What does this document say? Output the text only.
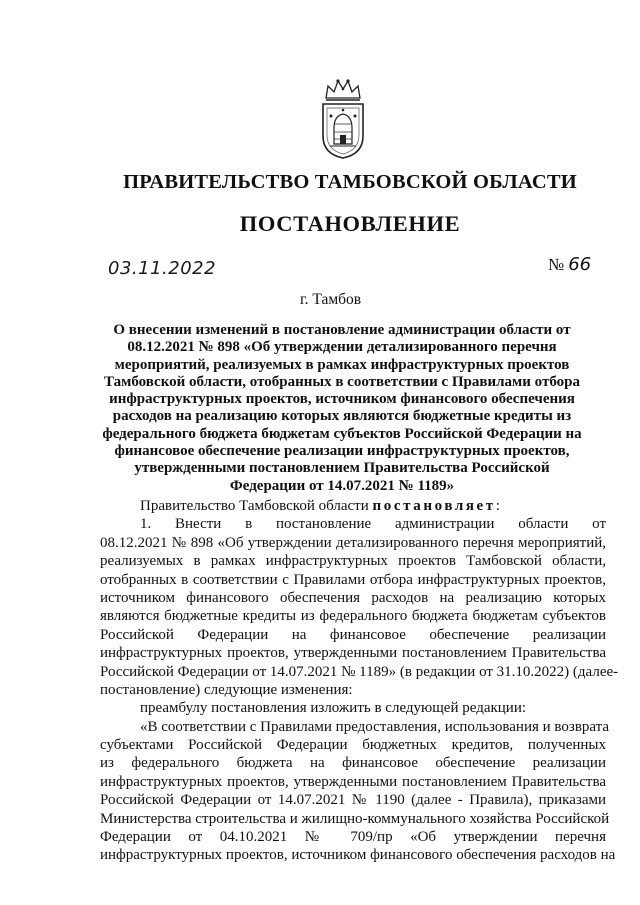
ПРАВИТЕЛЬСТВО ТАМБОВСКОЙ ОБЛАСТИ
ПОСТАНОВЛЕНИЕ
03.11.2022	№ 66
г. Тамбов
О внесении изменений в постановление администрации области от
08.12.2021 № 898 «Об утверждении детализированного перечня
мероприятий, реализуемых в рамках инфраструктурных проектов
Тамбовской области, отобранных в соответствии с Правилами отбора
инфраструктурных проектов, источником финансового обеспечения
расходов на реализацию которых являются бюджетные кредиты из
федерального бюджета бюджетам субъектов Российской Федерации на
финансовое обеспечение реализации инфраструктурных проектов,
утвержденными постановлением Правительства Российской
Федерации от 14.07.2021 № 1189»
Правительство Тамбовской области постановляет:
1. Внести в постановление администрации области от
08.12.2021 № 898 «Об утверждении детализированного перечня мероприятий,
реализуемых в рамках инфраструктурных проектов Тамбовской области,
отобранных в соответствии с Правилами отбора инфраструктурных проектов,
источником финансового обеспечения расходов на реализацию которых
являются бюджетные кредиты из федерального бюджета бюджетам субъектов
Российской Федерации на финансовое обеспечение реализации
инфраструктурных проектов, утвержденными постановлением Правительства
Российской Федерации от 14.07.2021 № 1189» (в редакции от 31.10.2022) (далее-
постановление) следующие изменения:
преамбулу постановления изложить в следующей редакции:
«В соответствии с Правилами предоставления, использования и возврата
субъектами Российской Федерации бюджетных кредитов, полученных
из федерального бюджета на финансовое обеспечение реализации
инфраструктурных проектов, утвержденными постановлением Правительства
Российской Федерации от 14.07.2021 № 1190 (далее - Правила), приказами
Министерства строительства и жилищно-коммунального хозяйства Российской
Федерации от 04.10.2021 № 709/пр «Об утверждении перечня
инфраструктурных проектов, источником финансового обеспечения расходов на
